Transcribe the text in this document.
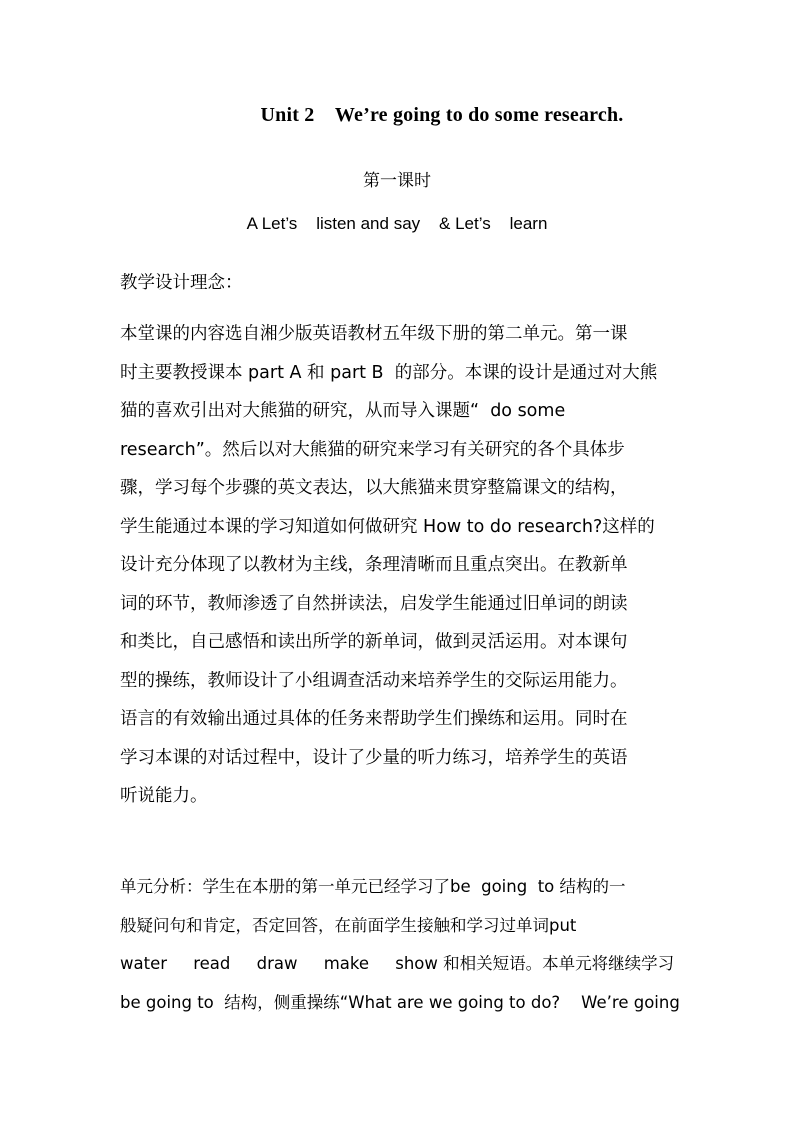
Unit 2    We’re going to do some research.
第一课时
A Let’s    listen and say    & Let’s    learn
教学设计理念：
本堂课的内容选自湘少版英语教材五年级下册的第二单元。第一课
时主要教授课本 part A 和 part B  的部分。本课的设计是通过对大熊
猫的喜欢引出对大熊猫的研究，从而导入课题“  do some
research”。然后以对大熊猫的研究来学习有关研究的各个具体步
骤，学习每个步骤的英文表达，以大熊猫来贯穿整篇课文的结构，
学生能通过本课的学习知道如何做研究 How to do research?这样的
设计充分体现了以教材为主线，条理清晰而且重点突出。在教新单
词的环节，教师渗透了自然拼读法，启发学生能通过旧单词的朗读
和类比，自己感悟和读出所学的新单词，做到灵活运用。对本课句
型的操练，教师设计了小组调查活动来培养学生的交际运用能力。
语言的有效输出通过具体的任务来帮助学生们操练和运用。同时在
学习本课的对话过程中，设计了少量的听力练习，培养学生的英语
听说能力。
单元分析：学生在本册的第一单元已经学习了be  going  to 结构的一
般疑问句和肯定，否定回答，在前面学生接触和学习过单词put
water     read     draw     make     show 和相关短语。本单元将继续学习
be going to  结构，侧重操练“What are we going to do?    We’re going
